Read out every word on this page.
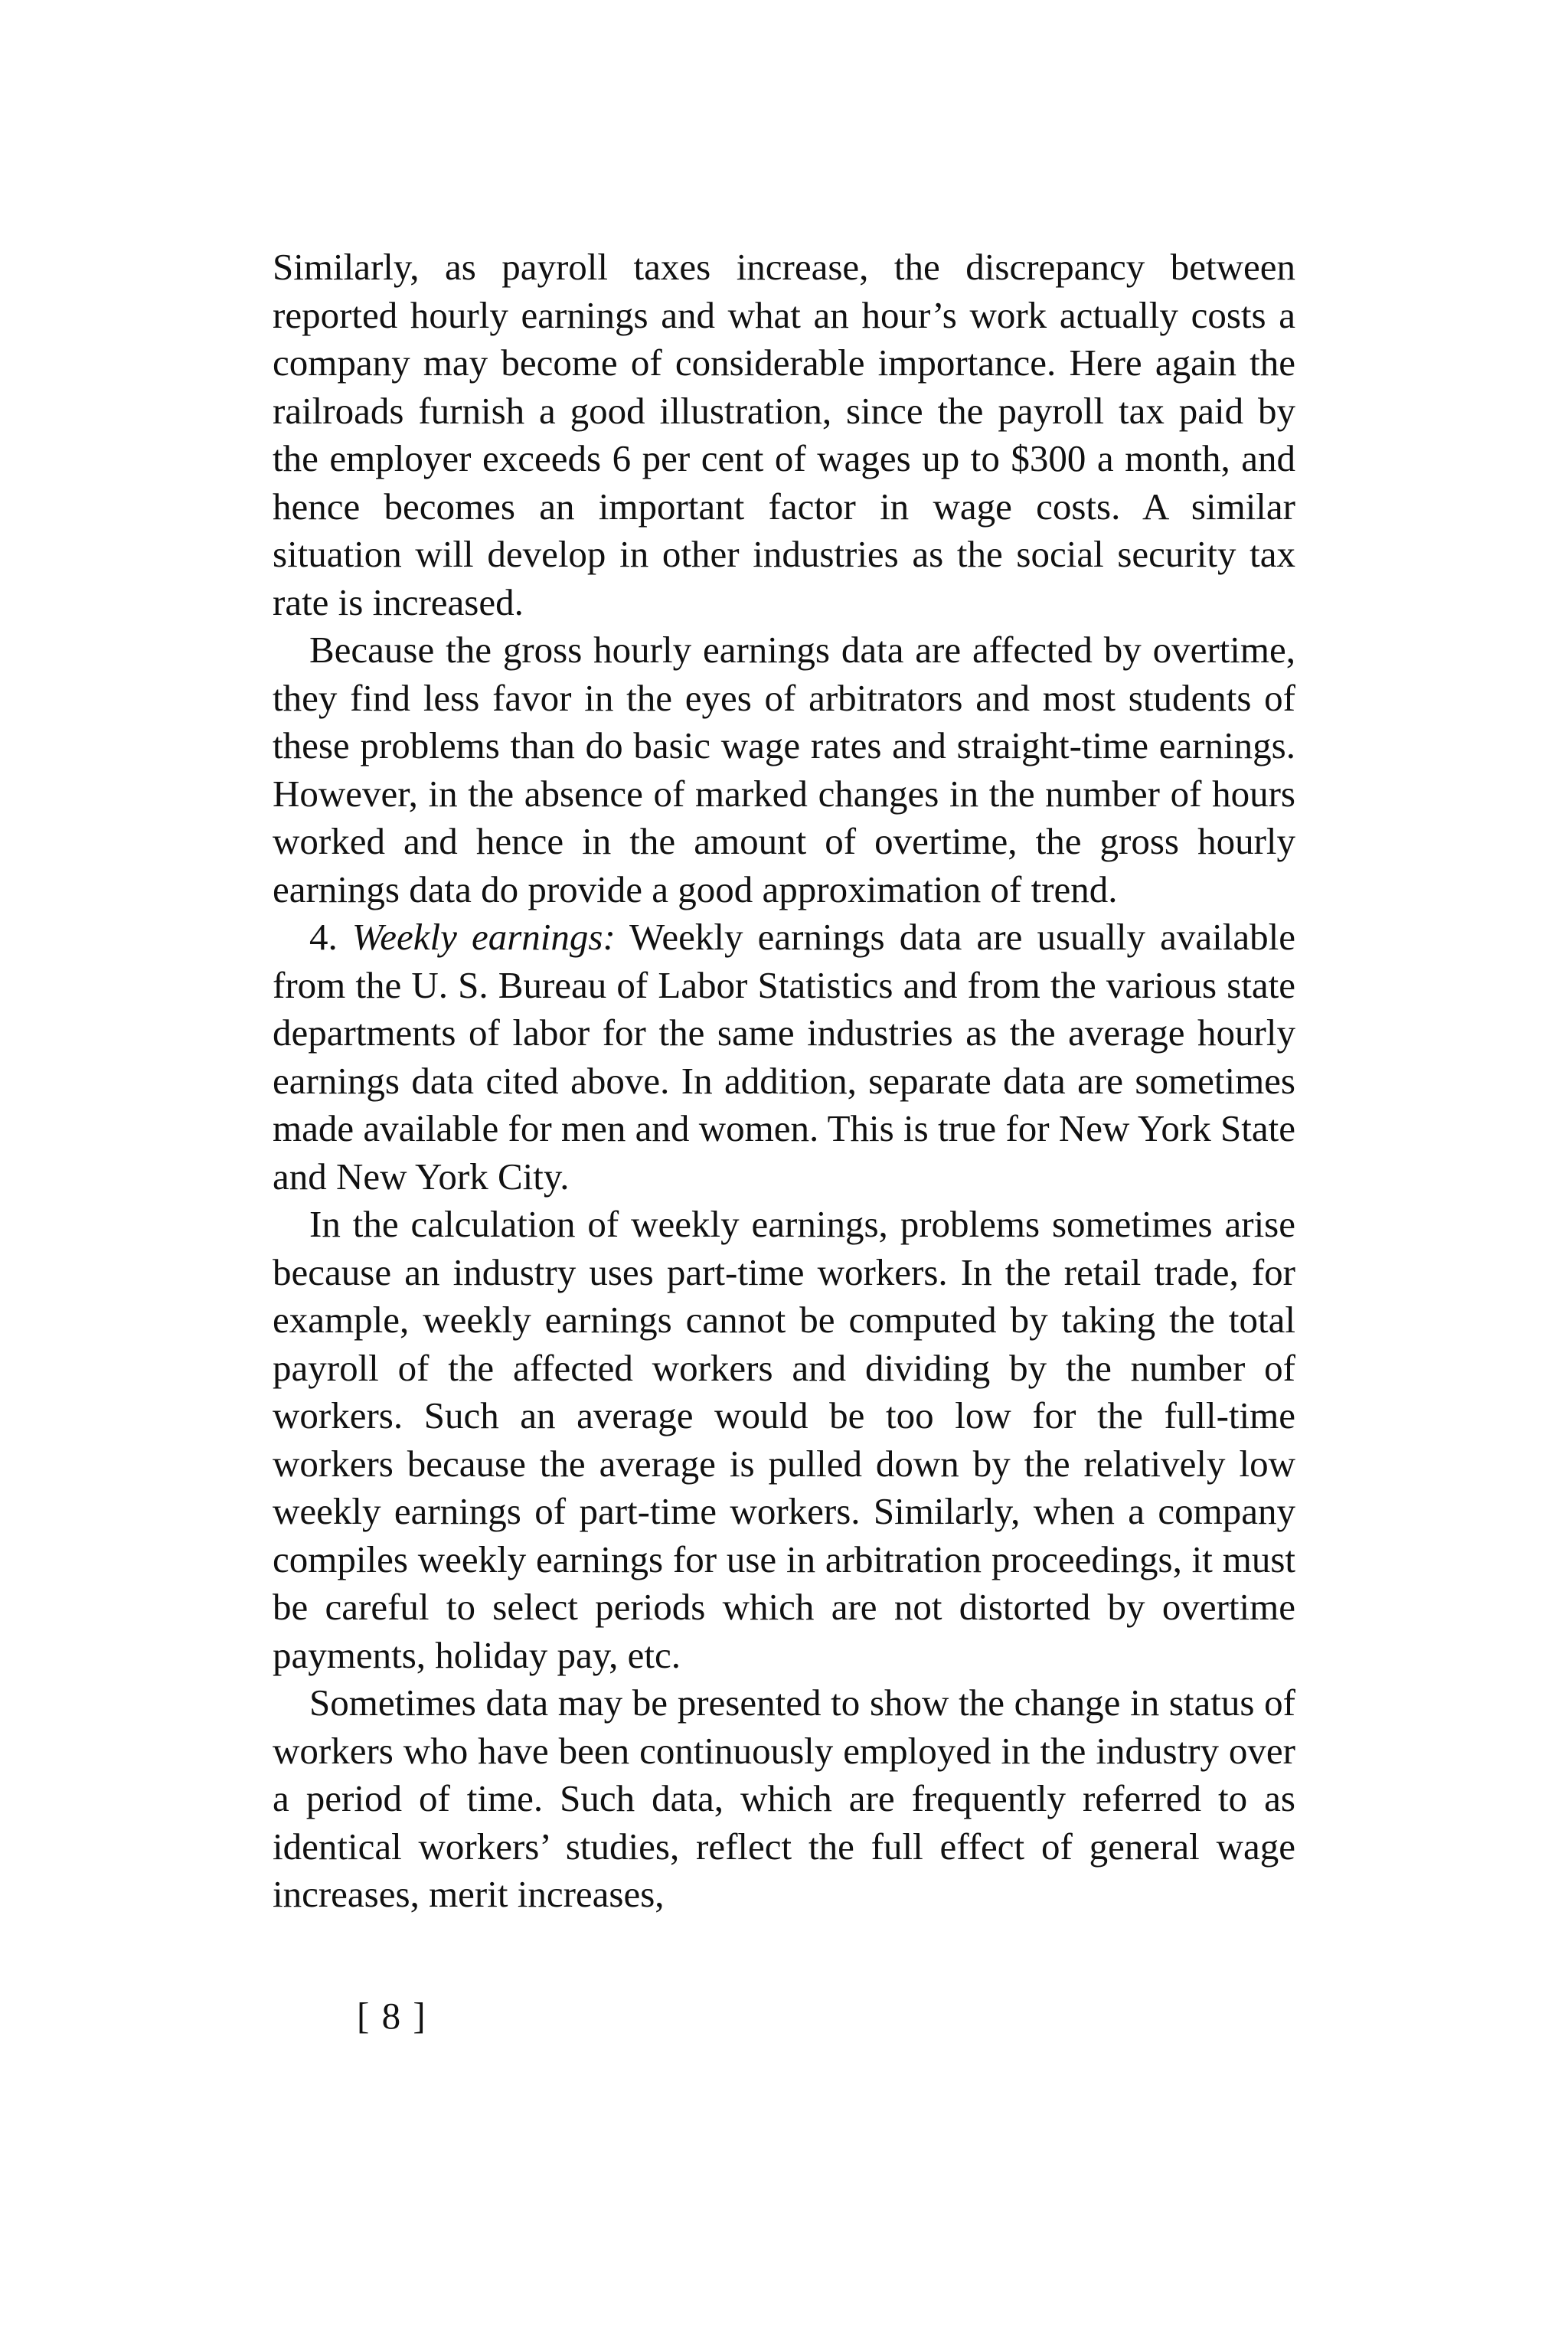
Similarly, as payroll taxes increase, the discrepancy between reported hourly earnings and what an hour’s work actually costs a company may become of considerable importance. Here again the railroads furnish a good illustration, since the payroll tax paid by the employer exceeds 6 per cent of wages up to $300 a month, and hence becomes an important factor in wage costs. A similar situation will develop in other industries as the social security tax rate is increased.

Because the gross hourly earnings data are affected by overtime, they find less favor in the eyes of arbitrators and most students of these problems than do basic wage rates and straight-time earnings. However, in the absence of marked changes in the number of hours worked and hence in the amount of overtime, the gross hourly earnings data do provide a good approximation of trend.

4. Weekly earnings: Weekly earnings data are usually available from the U. S. Bureau of Labor Statistics and from the various state departments of labor for the same industries as the average hourly earnings data cited above. In addition, separate data are sometimes made available for men and women. This is true for New York State and New York City.

In the calculation of weekly earnings, problems sometimes arise because an industry uses part-time workers. In the retail trade, for example, weekly earnings cannot be computed by taking the total payroll of the affected workers and dividing by the number of workers. Such an average would be too low for the full-time workers because the average is pulled down by the relatively low weekly earnings of part-time workers. Similarly, when a company compiles weekly earnings for use in arbitration proceedings, it must be careful to select periods which are not distorted by overtime payments, holiday pay, etc.

Sometimes data may be presented to show the change in status of workers who have been continuously employed in the industry over a period of time. Such data, which are frequently referred to as identical workers’ studies, reflect the full effect of general wage increases, merit increases,

[ 8 ]
